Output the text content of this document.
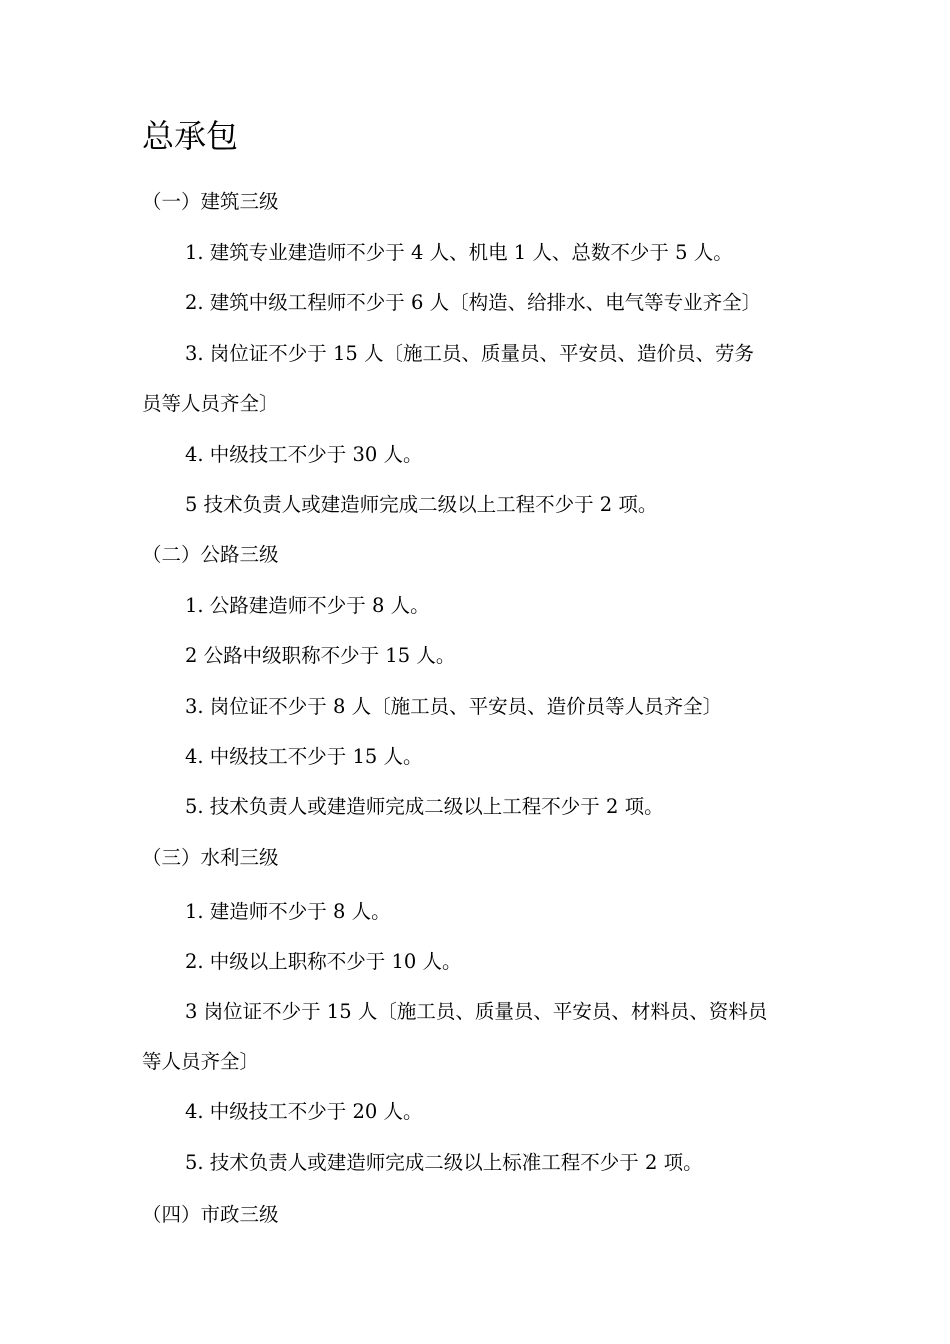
总承包
（一）建筑三级
1. 建筑专业建造师不少于 4 人、机电 1 人、总数不少于 5 人。
2. 建筑中级工程师不少于 6 人〔构造、给排水、电气等专业齐全〕
3. 岗位证不少于 15 人〔施工员、质量员、平安员、造价员、劳务
员等人员齐全〕
4. 中级技工不少于 30 人。
5 技术负责人或建造师完成二级以上工程不少于 2 项。
（二）公路三级
1. 公路建造师不少于 8 人。
2 公路中级职称不少于 15 人。
3. 岗位证不少于 8 人〔施工员、平安员、造价员等人员齐全〕
4. 中级技工不少于 15 人。
5. 技术负责人或建造师完成二级以上工程不少于 2 项。
（三）水利三级
1. 建造师不少于 8 人。
2. 中级以上职称不少于 10 人。
3 岗位证不少于 15 人〔施工员、质量员、平安员、材料员、资料员
等人员齐全〕
4. 中级技工不少于 20 人。
5. 技术负责人或建造师完成二级以上标准工程不少于 2 项。
（四）市政三级
